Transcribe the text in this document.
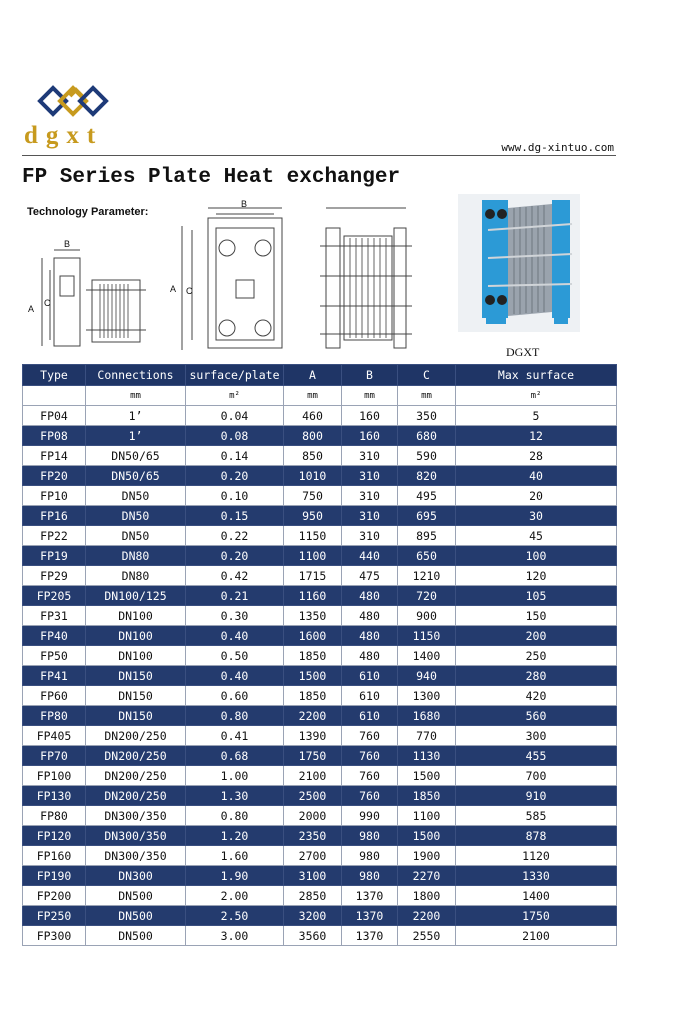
dgxt	www.dg-xintuo.com
FP Series Plate Heat exchanger
Technology Parameter:
A
C
B
A C
B
DGXT
Type	Connections	surface/plate	A	B	C	Max surface
	mm	m²	mm	mm	mm	m²
FP04	1’	0.04	460	160	350	5
FP08	1’	0.08	800	160	680	12
FP14	DN50/65	0.14	850	310	590	28
FP20	DN50/65	0.20	1010	310	820	40
FP10	DN50	0.10	750	310	495	20
FP16	DN50	0.15	950	310	695	30
FP22	DN50	0.22	1150	310	895	45
FP19	DN80	0.20	1100	440	650	100
FP29	DN80	0.42	1715	475	1210	120
FP205	DN100/125	0.21	1160	480	720	105
FP31	DN100	0.30	1350	480	900	150
FP40	DN100	0.40	1600	480	1150	200
FP50	DN100	0.50	1850	480	1400	250
FP41	DN150	0.40	1500	610	940	280
FP60	DN150	0.60	1850	610	1300	420
FP80	DN150	0.80	2200	610	1680	560
FP405	DN200/250	0.41	1390	760	770	300
FP70	DN200/250	0.68	1750	760	1130	455
FP100	DN200/250	1.00	2100	760	1500	700
FP130	DN200/250	1.30	2500	760	1850	910
FP80	DN300/350	0.80	2000	990	1100	585
FP120	DN300/350	1.20	2350	980	1500	878
FP160	DN300/350	1.60	2700	980	1900	1120
FP190	DN300	1.90	3100	980	2270	1330
FP200	DN500	2.00	2850	1370	1800	1400
FP250	DN500	2.50	3200	1370	2200	1750
FP300	DN500	3.00	3560	1370	2550	2100
